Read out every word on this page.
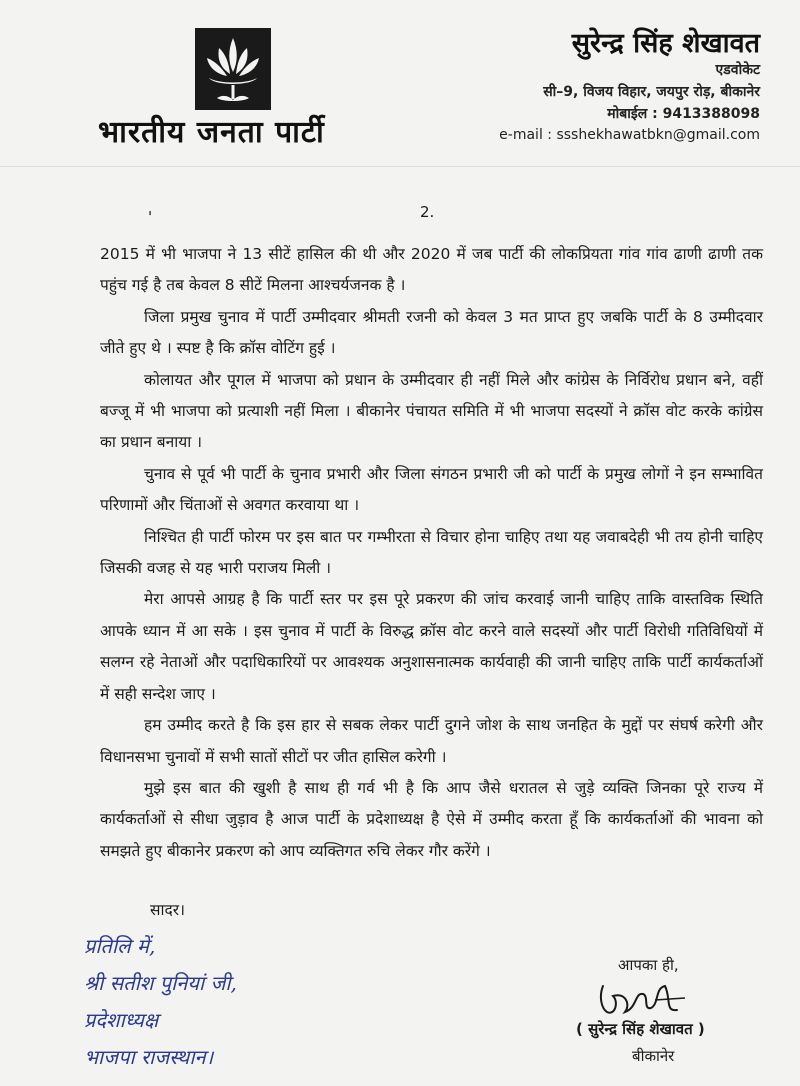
भारतीय जनता पार्टी
सुरेन्द्र सिंह शेखावत
एडवोकेट
सी–9, विजय विहार, जयपुर रोड़, बीकानेर
मोबाईल : 9413388098
e-mail : ssshekhawatbkn@gmail.com
'	2.

2015 में भी भाजपा ने 13 सीटें हासिल की थी और 2020 में जब पार्टी की लोकप्रियता गांव गांव ढाणी ढाणी तक पहुंच गई है तब केवल 8 सीटें मिलना आश्चर्यजनक है ।

जिला प्रमुख चुनाव में पार्टी उम्मीदवार श्रीमती रजनी को केवल 3 मत प्राप्त हुए जबकि पार्टी के 8 उम्मीदवार जीते हुए थे । स्पष्ट है कि क्रॉस वोटिंग हुई ।

कोलायत और पूगल में भाजपा को प्रधान के उम्मीदवार ही नहीं मिले और कांग्रेस के निर्विरोध प्रधान बने, वहीं बज्जू में भी भाजपा को प्रत्याशी नहीं मिला । बीकानेर पंचायत समिति में भी भाजपा सदस्यों ने क्रॉस वोट करके कांग्रेस का प्रधान बनाया ।

चुनाव से पूर्व भी पार्टी के चुनाव प्रभारी और जिला संगठन प्रभारी जी को पार्टी के प्रमुख लोगों ने इन सम्भावित परिणामों और चिंताओं से अवगत करवाया था ।

निश्चित ही पार्टी फोरम पर इस बात पर गम्भीरता से विचार होना चाहिए तथा यह जवाबदेही भी तय होनी चाहिए जिसकी वजह से यह भारी पराजय मिली ।

मेरा आपसे आग्रह है कि पार्टी स्तर पर इस पूरे प्रकरण की जांच करवाई जानी चाहिए ताकि वास्तविक स्थिति आपके ध्यान में आ सके । इस चुनाव में पार्टी के विरुद्ध क्रॉस वोट करने वाले सदस्यों और पार्टी विरोधी गतिविधियों में सलग्न रहे नेताओं और पदाधिकारियों पर आवश्यक अनुशासनात्मक कार्यवाही की जानी चाहिए ताकि पार्टी कार्यकर्ताओं में सही सन्देश जाए ।

हम उम्मीद करते है कि इस हार से सबक लेकर पार्टी दुगने जोश के साथ जनहित के मुद्दों पर संघर्ष करेगी और विधानसभा चुनावों में सभी सातों सीटों पर जीत हासिल करेगी ।

मुझे इस बात की खुशी है साथ ही गर्व भी है कि आप जैसे धरातल से जुड़े व्यक्ति जिनका पूरे राज्य में कार्यकर्ताओं से सीधा जुड़ाव है आज पार्टी के प्रदेशाध्यक्ष है ऐसे में उम्मीद करता हूँ कि कार्यकर्ताओं की भावना को समझते हुए बीकानेर प्रकरण को आप व्यक्तिगत रुचि लेकर गौर करेंगे ।

सादर।
प्रतिलि में,
श्री सतीश पुनियां जी,
प्रदेशाध्यक्ष
भाजपा राजस्थान।
आपका ही,
( सुरेन्द्र सिंह शेखावत )
बीकानेर
